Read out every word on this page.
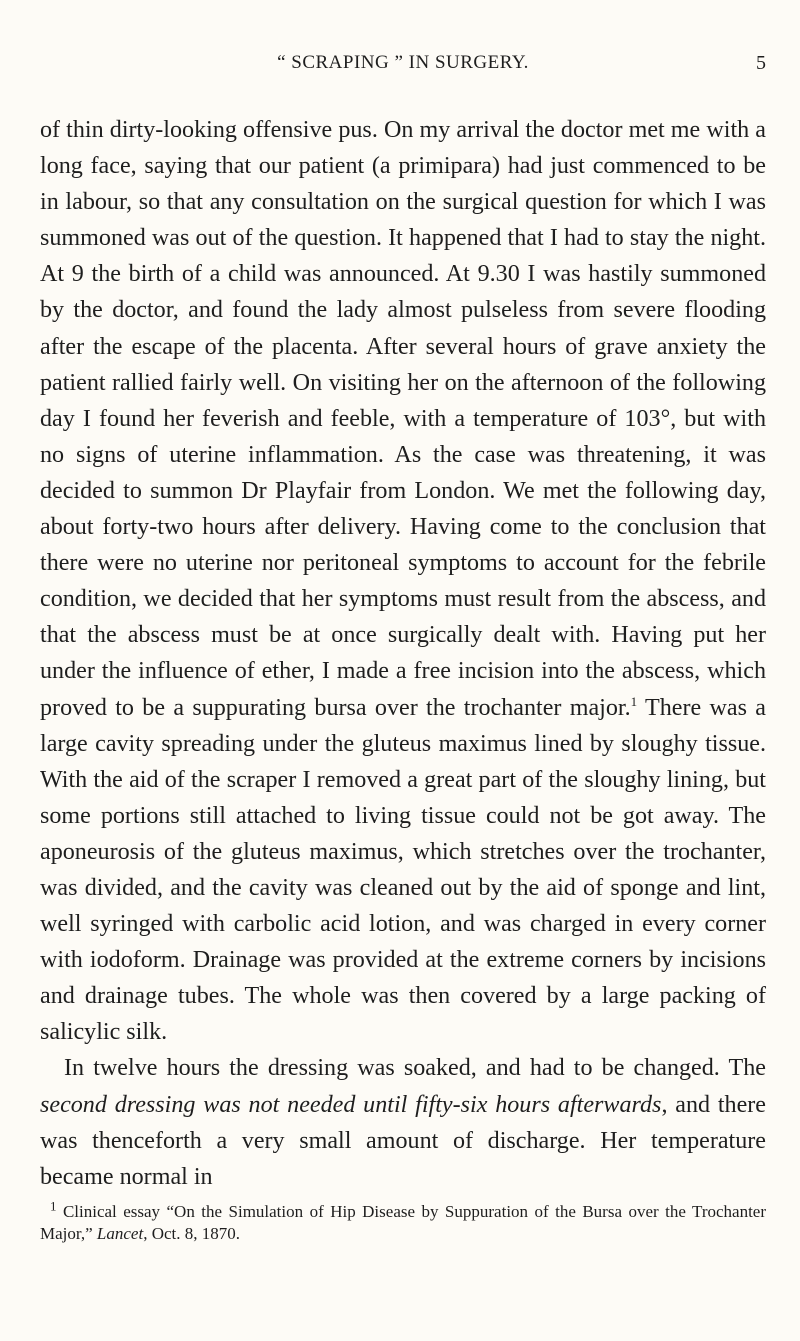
“ SCRAPING ” IN SURGERY.	5

of thin dirty-looking offensive pus. On my arrival the doctor met me with a long face, saying that our patient (a primipara) had just commenced to be in labour, so that any consultation on the surgical question for which I was summoned was out of the question. It happened that I had to stay the night. At 9 the birth of a child was announced. At 9.30 I was hastily summoned by the doctor, and found the lady almost pulseless from severe flooding after the escape of the placenta. After several hours of grave anxiety the patient rallied fairly well. On visiting her on the afternoon of the following day I found her feverish and feeble, with a temperature of 103°, but with no signs of uterine inflammation. As the case was threatening, it was decided to summon Dr Playfair from London. We met the following day, about forty-two hours after delivery. Having come to the conclusion that there were no uterine nor peritoneal symptoms to account for the febrile condition, we decided that her symptoms must result from the abscess, and that the abscess must be at once surgically dealt with. Having put her under the influence of ether, I made a free incision into the abscess, which proved to be a suppurating bursa over the trochanter major.$^1$ There was a large cavity spreading under the gluteus maximus lined by sloughy tissue. With the aid of the scraper I removed a great part of the sloughy lining, but some portions still attached to living tissue could not be got away. The aponeurosis of the gluteus maximus, which stretches over the trochanter, was divided, and the cavity was cleaned out by the aid of sponge and lint, well syringed with carbolic acid lotion, and was charged in every corner with iodoform. Drainage was provided at the extreme corners by incisions and drainage tubes. The whole was then covered by a large packing of salicylic silk.

In twelve hours the dressing was soaked, and had to be changed. The second dressing was not needed until fifty-six hours afterwards, and there was thenceforth a very small amount of discharge. Her temperature became normal in

$^1$ Clinical essay “On the Simulation of Hip Disease by Suppuration of the Bursa over the Trochanter Major,” Lancet, Oct. 8, 1870.
